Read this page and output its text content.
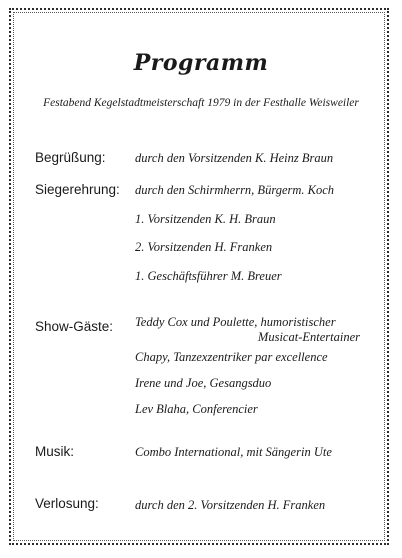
Programm
Festabend Kegelstadtmeisterschaft 1979 in der Festhalle Weisweiler
Begrüßung: durch den Vorsitzenden K. Heinz Braun
Siegerehrung: durch den Schirmherrn, Bürgerm. Koch
1. Vorsitzenden K. H. Braun
2. Vorsitzenden H. Franken
1. Geschäftsführer M. Breuer
Show-Gäste: Teddy Cox und Poulette, humoristischer
Musicat-Entertainer
Chapy, Tanzexzentriker par excellence
Irene und Joe, Gesangsduo
Lev Blaha, Conferencier
Musik:	Combo International, mit Sängerin Ute
Verlosung:	durch den 2. Vorsitzenden H. Franken
